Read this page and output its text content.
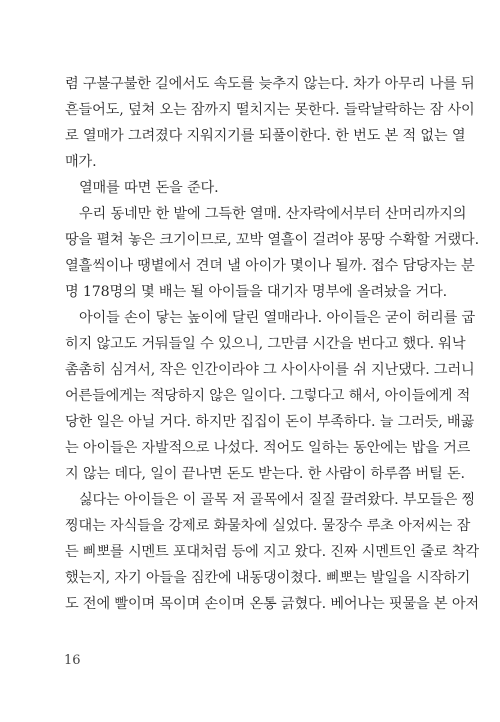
렴 구불구불한 길에서도 속도를 늦추지 않는다. 차가 아무리 나를 뒤
흔들어도, 덮쳐 오는 잠까지 떨치지는 못한다. 들락날락하는 잠 사이
로 열매가 그려졌다 지워지기를 되풀이한다. 한 번도 본 적 없는 열
매가.
열매를 따면 돈을 준다.
우리 동네만 한 밭에 그득한 열매. 산자락에서부터 산머리까지의
땅을 펼쳐 놓은 크기이므로, 꼬박 열흘이 걸려야 몽땅 수확할 거랬다.
열흘씩이나 땡볕에서 견뎌 낼 아이가 몇이나 될까. 접수 담당자는 분
명 178명의 몇 배는 될 아이들을 대기자 명부에 올려놨을 거다.
아이들 손이 닿는 높이에 달린 열매라나. 아이들은 굳이 허리를 굽
히지 않고도 거둬들일 수 있으니, 그만큼 시간을 번다고 했다. 워낙
촘촘히 심겨서, 작은 인간이라야 그 사이사이를 쉬 지난댔다. 그러니
어른들에게는 적당하지 않은 일이다. 그렇다고 해서, 아이들에게 적
당한 일은 아닐 거다. 하지만 집집이 돈이 부족하다. 늘 그러듯, 배곯
는 아이들은 자발적으로 나섰다. 적어도 일하는 동안에는 밥을 거르
지 않는 데다, 일이 끝나면 돈도 받는다. 한 사람이 하루쯤 버틸 돈.
싫다는 아이들은 이 골목 저 골목에서 질질 끌려왔다. 부모들은 찡
찡대는 자식들을 강제로 화물차에 실었다. 물장수 루초 아저씨는 잠
든 삐뽀를 시멘트 포대처럼 등에 지고 왔다. 진짜 시멘트인 줄로 착각
했는지, 자기 아들을 짐칸에 내동댕이쳤다. 삐뽀는 발일을 시작하기
도 전에 빨이며 목이며 손이며 온통 긁혔다. 베어나는 핏물을 본 아저
16
